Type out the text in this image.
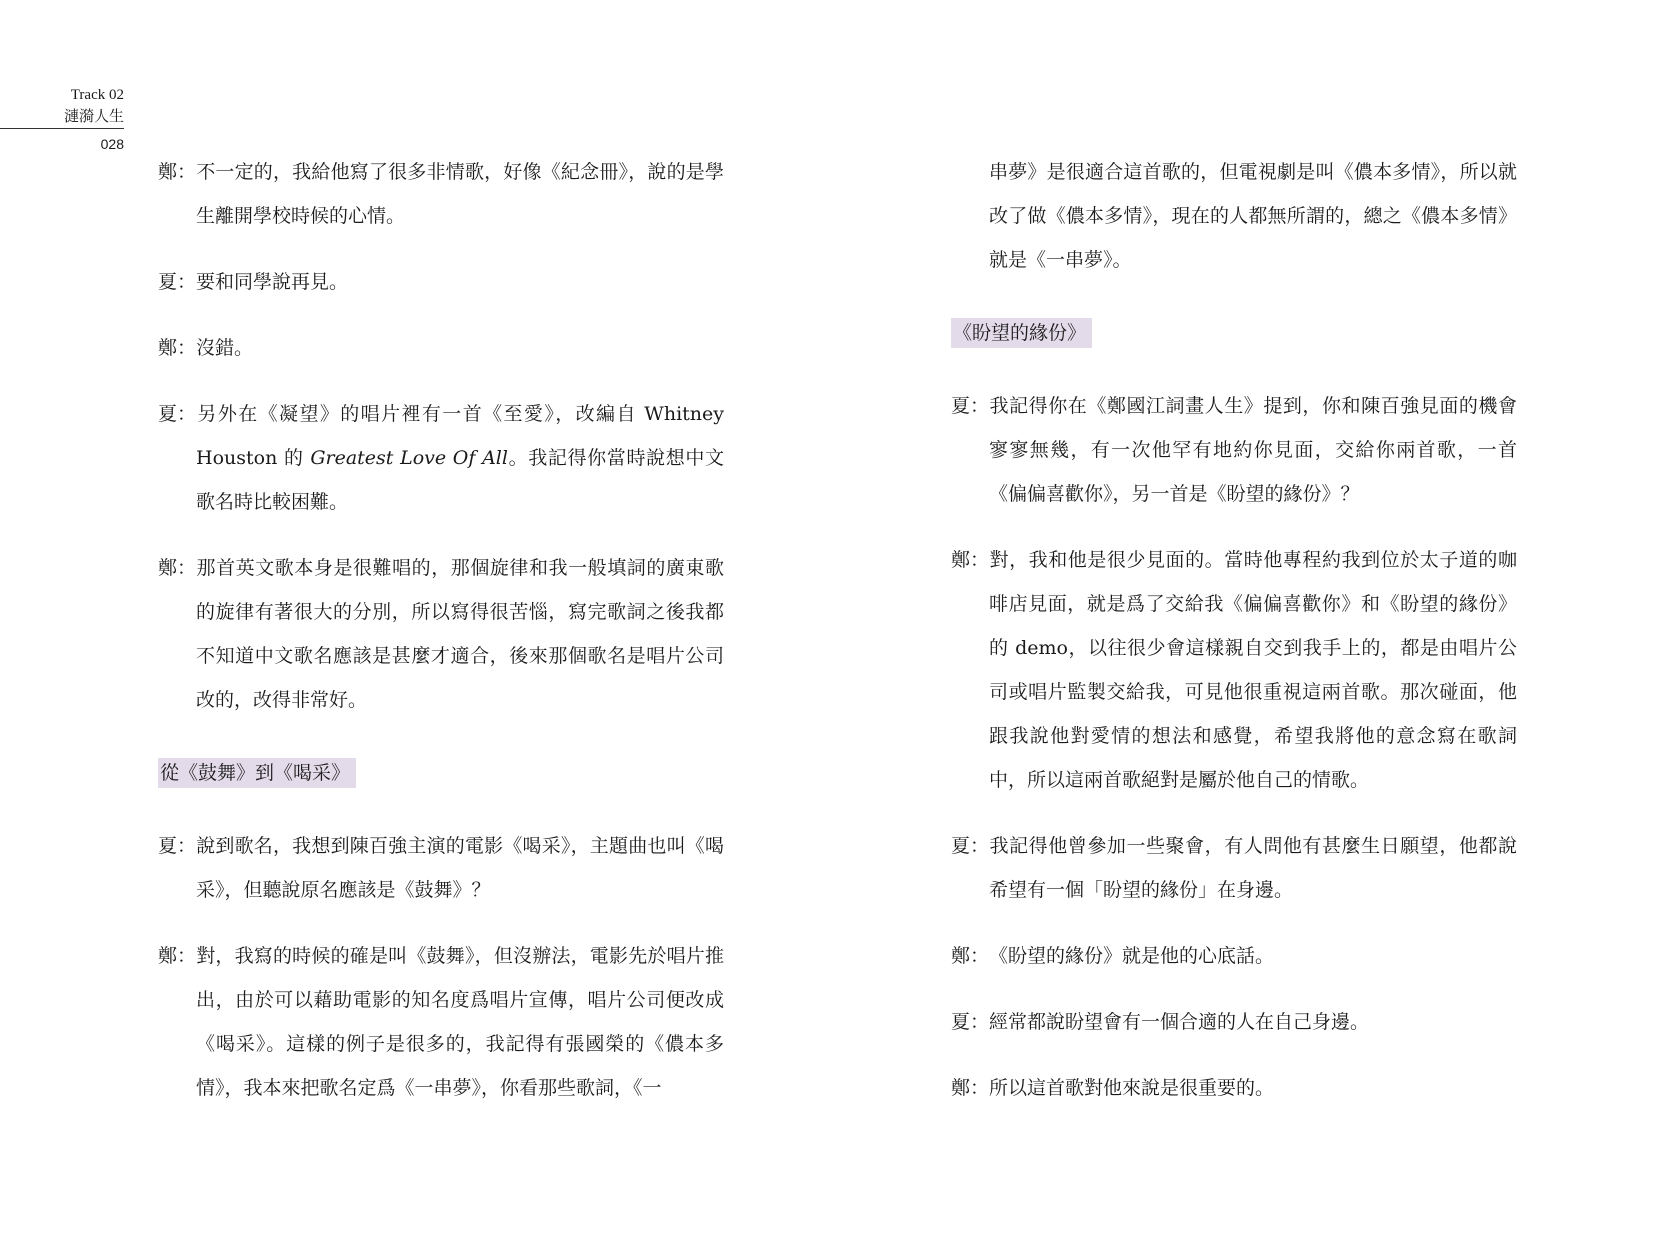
Track 02
漣漪人生
028

鄭：不一定的，我給他寫了很多非情歌，好像《紀念冊》，說的是學生離開學校時候的心情。

夏：要和同學說再見。

鄭：沒錯。

夏：另外在《凝望》的唱片裡有一首《至愛》，改編自 Whitney Houston 的 Greatest Love Of All。我記得你當時說想中文歌名時比較困難。

鄭：那首英文歌本身是很難唱的，那個旋律和我一般填詞的廣東歌的旋律有著很大的分別，所以寫得很苦惱，寫完歌詞之後我都不知道中文歌名應該是甚麼才適合，後來那個歌名是唱片公司改的，改得非常好。

從《鼓舞》到《喝采》

夏：說到歌名，我想到陳百強主演的電影《喝采》，主題曲也叫《喝采》，但聽說原名應該是《鼓舞》？

鄭：對，我寫的時候的確是叫《鼓舞》，但沒辦法，電影先於唱片推出，由於可以藉助電影的知名度爲唱片宣傳，唱片公司便改成《喝采》。這樣的例子是很多的，我記得有張國榮的《儂本多情》，我本來把歌名定爲《一串夢》，你看那些歌詞，《一

串夢》是很適合這首歌的，但電視劇是叫《儂本多情》，所以就改了做《儂本多情》，現在的人都無所謂的，總之《儂本多情》就是《一串夢》。

《盼望的緣份》

夏：我記得你在《鄭國江詞畫人生》提到，你和陳百強見面的機會寥寥無幾，有一次他罕有地約你見面，交給你兩首歌，一首《偏偏喜歡你》，另一首是《盼望的緣份》？

鄭：對，我和他是很少見面的。當時他專程約我到位於太子道的咖啡店見面，就是爲了交給我《偏偏喜歡你》和《盼望的緣份》的 demo，以往很少會這樣親自交到我手上的，都是由唱片公司或唱片監製交給我，可見他很重視這兩首歌。那次碰面，他跟我說他對愛情的想法和感覺，希望我將他的意念寫在歌詞中，所以這兩首歌絕對是屬於他自己的情歌。

夏：我記得他曾參加一些聚會，有人問他有甚麼生日願望，他都說希望有一個「盼望的緣份」在身邊。

鄭：《盼望的緣份》就是他的心底話。

夏：經常都說盼望會有一個合適的人在自己身邊。

鄭：所以這首歌對他來說是很重要的。
